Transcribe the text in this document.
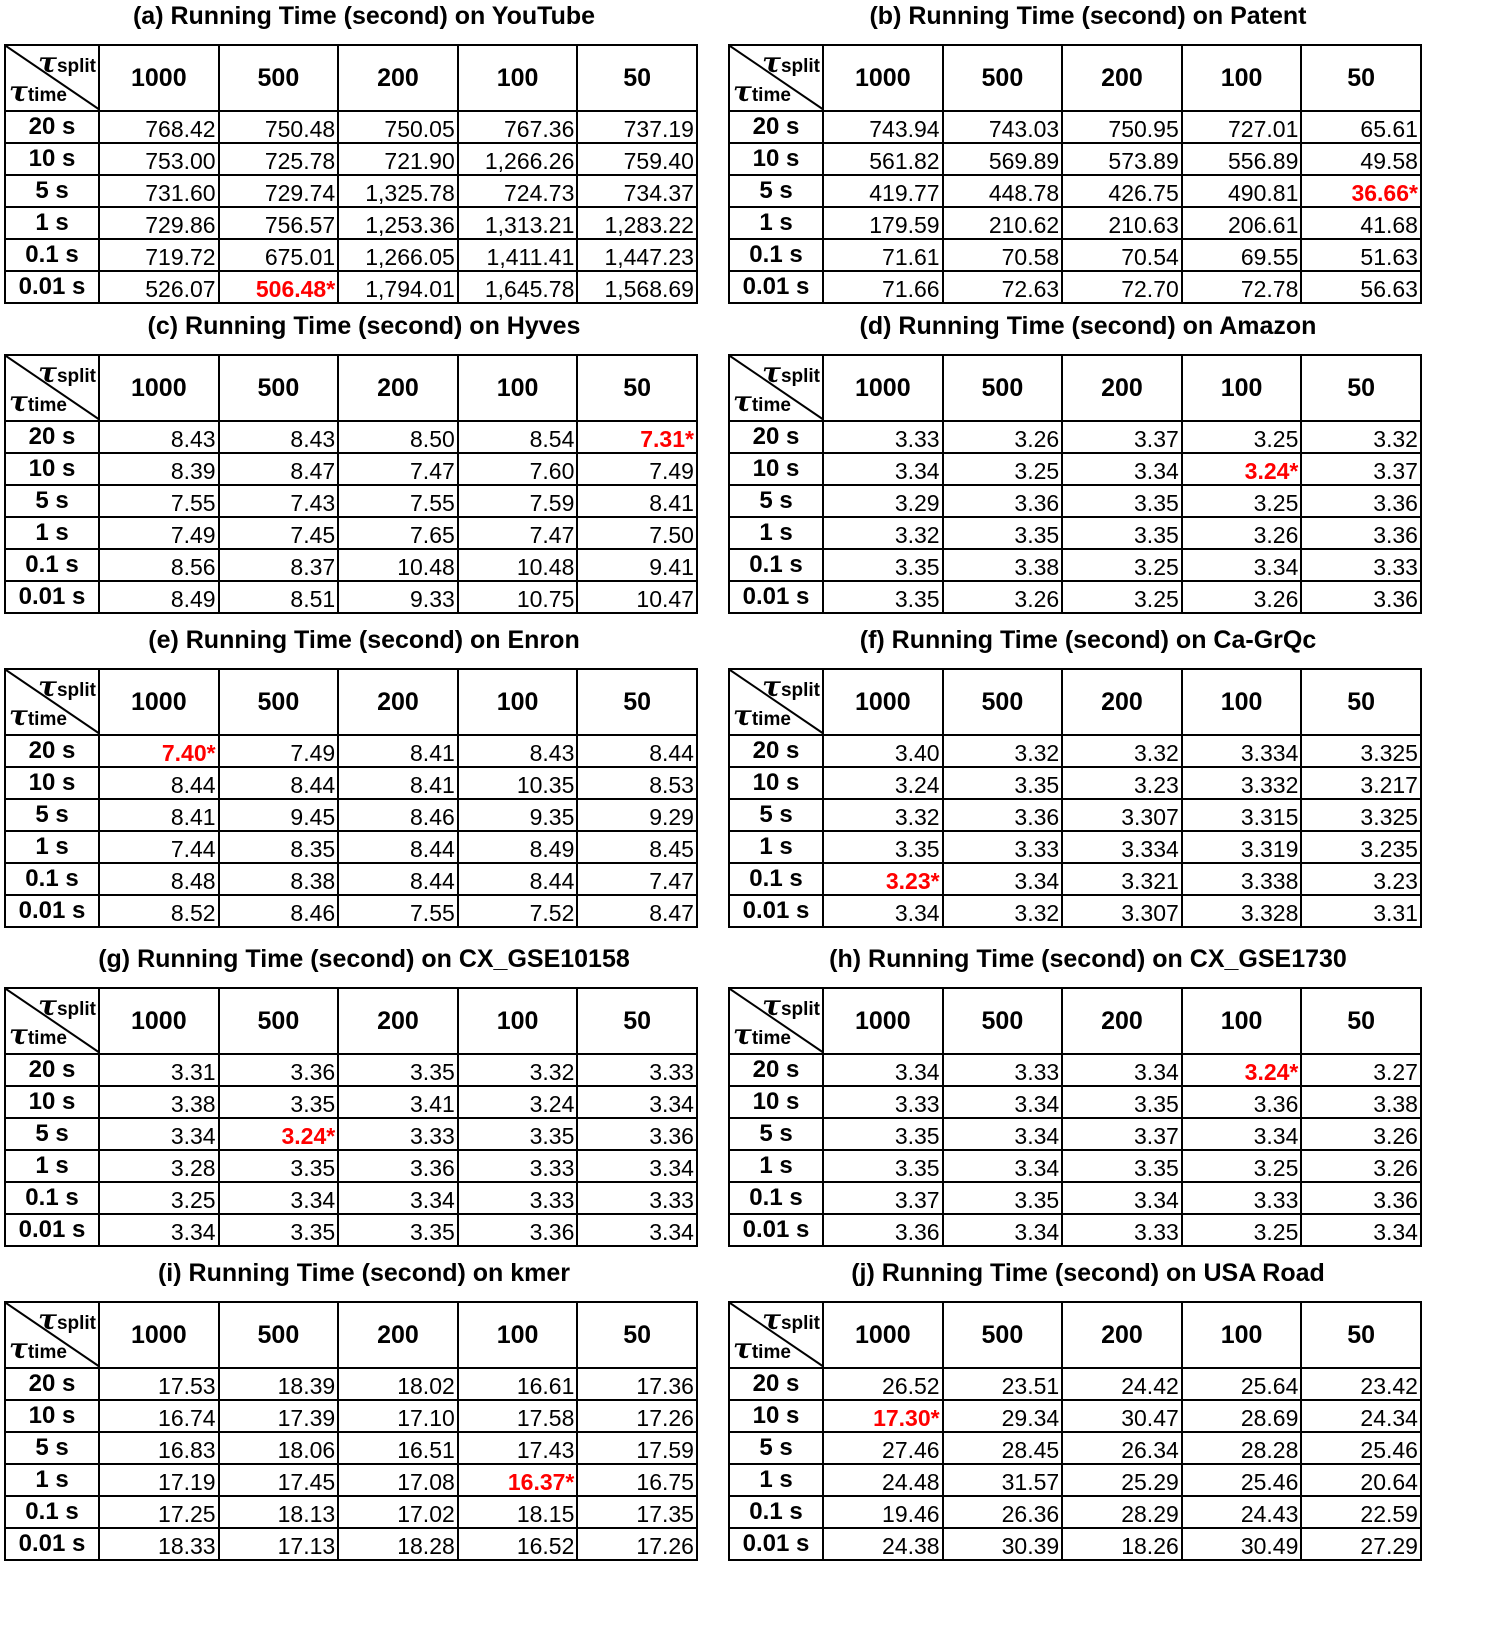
(a) Running Time (second) on YouTube
τsplit
τtime	1000	500	200	100	50
20 s	768.42	750.48	750.05	767.36	737.19
10 s	753.00	725.78	721.90	1,266.26	759.40
5 s	731.60	729.74	1,325.78	724.73	734.37
1 s	729.86	756.57	1,253.36	1,313.21	1,283.22
0.1 s	719.72	675.01	1,266.05	1,411.41	1,447.23
0.01 s	526.07	506.48*	1,794.01	1,645.78	1,568.69
(b) Running Time (second) on Patent
τsplit
τtime	1000	500	200	100	50
20 s	743.94	743.03	750.95	727.01	65.61
10 s	561.82	569.89	573.89	556.89	49.58
5 s	419.77	448.78	426.75	490.81	36.66*
1 s	179.59	210.62	210.63	206.61	41.68
0.1 s	71.61	70.58	70.54	69.55	51.63
0.01 s	71.66	72.63	72.70	72.78	56.63
(c) Running Time (second) on Hyves
τsplit
τtime	1000	500	200	100	50
20 s	8.43	8.43	8.50	8.54	7.31*
10 s	8.39	8.47	7.47	7.60	7.49
5 s	7.55	7.43	7.55	7.59	8.41
1 s	7.49	7.45	7.65	7.47	7.50
0.1 s	8.56	8.37	10.48	10.48	9.41
0.01 s	8.49	8.51	9.33	10.75	10.47
(d) Running Time (second) on Amazon
τsplit
τtime	1000	500	200	100	50
20 s	3.33	3.26	3.37	3.25	3.32
10 s	3.34	3.25	3.34	3.24*	3.37
5 s	3.29	3.36	3.35	3.25	3.36
1 s	3.32	3.35	3.35	3.26	3.36
0.1 s	3.35	3.38	3.25	3.34	3.33
0.01 s	3.35	3.26	3.25	3.26	3.36
(e) Running Time (second) on Enron
τsplit
τtime	1000	500	200	100	50
20 s	7.40*	7.49	8.41	8.43	8.44
10 s	8.44	8.44	8.41	10.35	8.53
5 s	8.41	9.45	8.46	9.35	9.29
1 s	7.44	8.35	8.44	8.49	8.45
0.1 s	8.48	8.38	8.44	8.44	7.47
0.01 s	8.52	8.46	7.55	7.52	8.47
(f) Running Time (second) on Ca-GrQc
τsplit
τtime	1000	500	200	100	50
20 s	3.40	3.32	3.32	3.334	3.325
10 s	3.24	3.35	3.23	3.332	3.217
5 s	3.32	3.36	3.307	3.315	3.325
1 s	3.35	3.33	3.334	3.319	3.235
0.1 s	3.23*	3.34	3.321	3.338	3.23
0.01 s	3.34	3.32	3.307	3.328	3.31
(g) Running Time (second) on CX_GSE10158
τsplit
τtime	1000	500	200	100	50
20 s	3.31	3.36	3.35	3.32	3.33
10 s	3.38	3.35	3.41	3.24	3.34
5 s	3.34	3.24*	3.33	3.35	3.36
1 s	3.28	3.35	3.36	3.33	3.34
0.1 s	3.25	3.34	3.34	3.33	3.33
0.01 s	3.34	3.35	3.35	3.36	3.34
(h) Running Time (second) on CX_GSE1730
τsplit
τtime	1000	500	200	100	50
20 s	3.34	3.33	3.34	3.24*	3.27
10 s	3.33	3.34	3.35	3.36	3.38
5 s	3.35	3.34	3.37	3.34	3.26
1 s	3.35	3.34	3.35	3.25	3.26
0.1 s	3.37	3.35	3.34	3.33	3.36
0.01 s	3.36	3.34	3.33	3.25	3.34
(i) Running Time (second) on kmer
τsplit
τtime	1000	500	200	100	50
20 s	17.53	18.39	18.02	16.61	17.36
10 s	16.74	17.39	17.10	17.58	17.26
5 s	16.83	18.06	16.51	17.43	17.59
1 s	17.19	17.45	17.08	16.37*	16.75
0.1 s	17.25	18.13	17.02	18.15	17.35
0.01 s	18.33	17.13	18.28	16.52	17.26
(j) Running Time (second) on USA Road
τsplit
τtime	1000	500	200	100	50
20 s	26.52	23.51	24.42	25.64	23.42
10 s	17.30*	29.34	30.47	28.69	24.34
5 s	27.46	28.45	26.34	28.28	25.46
1 s	24.48	31.57	25.29	25.46	20.64
0.1 s	19.46	26.36	28.29	24.43	22.59
0.01 s	24.38	30.39	18.26	30.49	27.29
